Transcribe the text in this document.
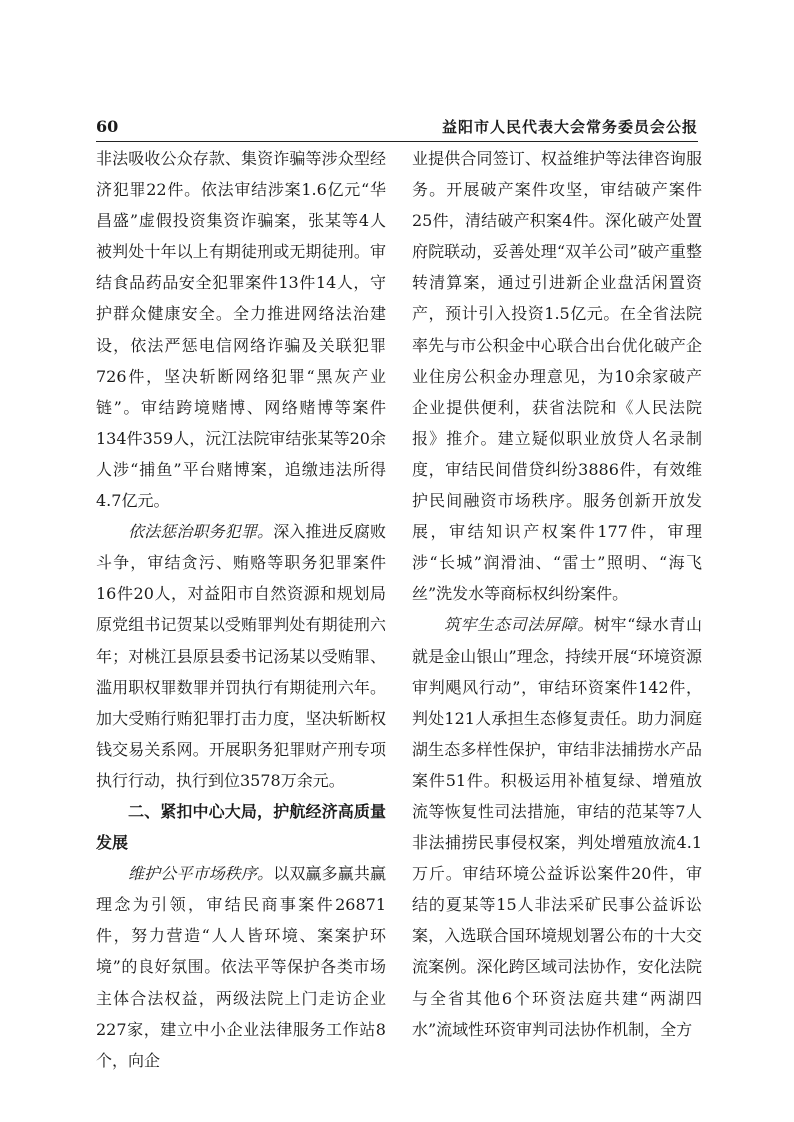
60	益阳市人民代表大会常务委员会公报

非法吸收公众存款、集资诈骗等涉众型经济犯罪22件。依法审结涉案1.6亿元“华昌盛”虚假投资集资诈骗案，张某等4人被判处十年以上有期徒刑或无期徒刑。审结食品药品安全犯罪案件13件14人，守护群众健康安全。全力推进网络法治建设，依法严惩电信网络诈骗及关联犯罪726件，坚决斩断网络犯罪“黑灰产业链”。审结跨境赌博、网络赌博等案件134件359人，沅江法院审结张某等20余人涉“捕鱼”平台赌博案，追缴违法所得4.7亿元。

依法惩治职务犯罪。深入推进反腐败斗争，审结贪污、贿赂等职务犯罪案件16件20人，对益阳市自然资源和规划局原党组书记贺某以受贿罪判处有期徒刑六年；对桃江县原县委书记汤某以受贿罪、滥用职权罪数罪并罚执行有期徒刑六年。加大受贿行贿犯罪打击力度，坚决斩断权钱交易关系网。开展职务犯罪财产刑专项执行行动，执行到位3578万余元。

二、紧扣中心大局，护航经济高质量发展

维护公平市场秩序。以双赢多赢共赢理念为引领，审结民商事案件26871件，努力营造“人人皆环境、案案护环境”的良好氛围。依法平等保护各类市场主体合法权益，两级法院上门走访企业227家，建立中小企业法律服务工作站8个，向企

业提供合同签订、权益维护等法律咨询服务。开展破产案件攻坚，审结破产案件25件，清结破产积案4件。深化破产处置府院联动，妥善处理“双羊公司”破产重整转清算案，通过引进新企业盘活闲置资产，预计引入投资1.5亿元。在全省法院率先与市公积金中心联合出台优化破产企业住房公积金办理意见，为10余家破产企业提供便利，获省法院和《人民法院报》推介。建立疑似职业放贷人名录制度，审结民间借贷纠纷3886件，有效维护民间融资市场秩序。服务创新开放发展，审结知识产权案件177件，审理涉“长城”润滑油、“雷士”照明、“海飞丝”洗发水等商标权纠纷案件。

筑牢生态司法屏障。树牢“绿水青山就是金山银山”理念，持续开展“环境资源审判飓风行动”，审结环资案件142件，判处121人承担生态修复责任。助力洞庭湖生态多样性保护，审结非法捕捞水产品案件51件。积极运用补植复绿、增殖放流等恢复性司法措施，审结的范某等7人非法捕捞民事侵权案，判处增殖放流4.1万斤。审结环境公益诉讼案件20件，审结的夏某等15人非法采矿民事公益诉讼案，入选联合国环境规划署公布的十大交流案例。深化跨区域司法协作，安化法院与全省其他6个环资法庭共建“两湖四水”流域性环资审判司法协作机制，全方
